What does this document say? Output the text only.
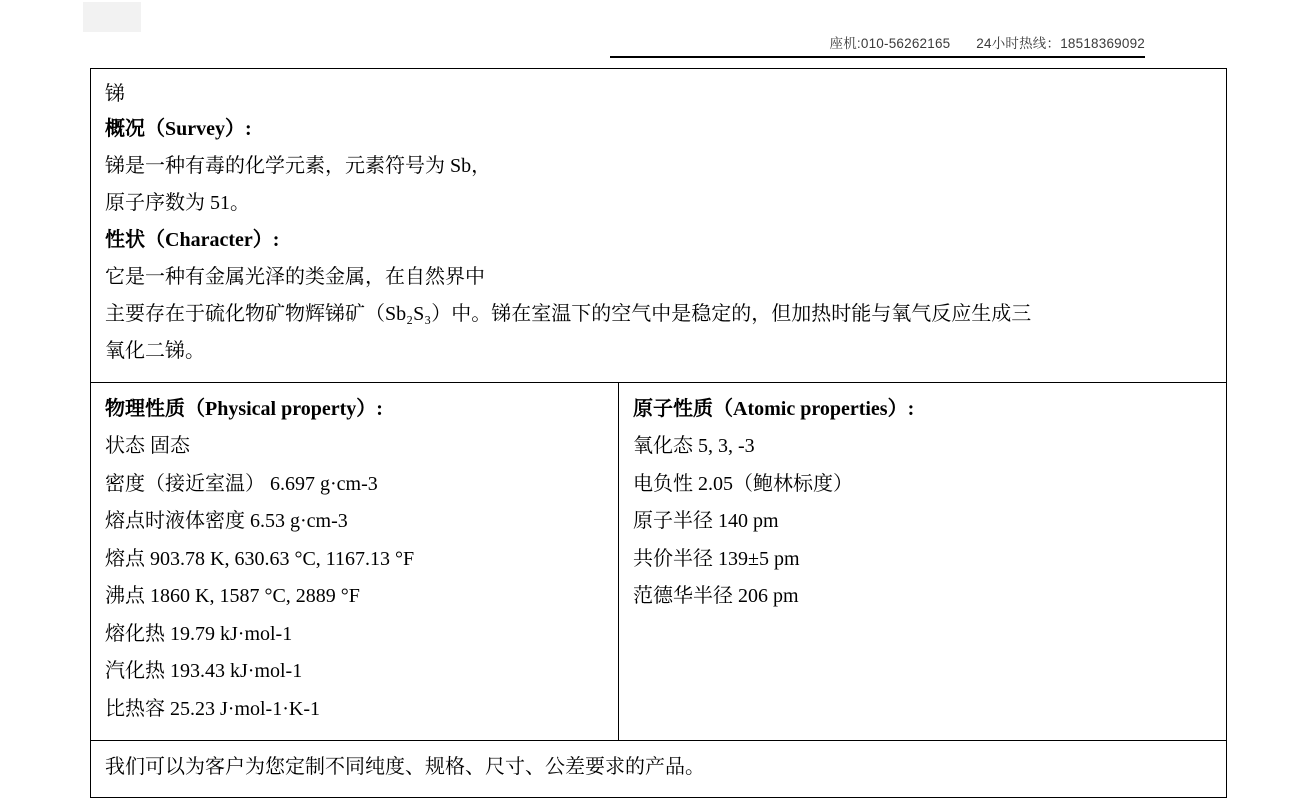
座机:010-56262165 24小时热线：18518369092
锑
概况（Survey）:
锑是一种有毒的化学元素，元素符号为 Sb，
原子序数为 51。
性状（Character）:
它是一种有金属光泽的类金属，在自然界中
主要存在于硫化物矿物辉锑矿（Sb₂S₃）中。锑在室温下的空气中是稳定的，但加热时能与氧气反应生成三
氧化二锑。
物理性质（Physical property）:
状态 固态
密度（接近室温） 6.697 g·cm-3
熔点时液体密度 6.53 g·cm-3
熔点 903.78 K, 630.63 °C, 1167.13 °F
沸点 1860 K, 1587 °C, 2889 °F
熔化热 19.79 kJ·mol-1
汽化热 193.43 kJ·mol-1
比热容 25.23 J·mol-1·K-1
原子性质（Atomic properties）:
氧化态 5, 3, -3
电负性 2.05（鲍林标度）
原子半径 140 pm
共价半径 139±5 pm
范德华半径 206 pm
我们可以为客户为您定制不同纯度、规格、尺寸、公差要求的产品。
